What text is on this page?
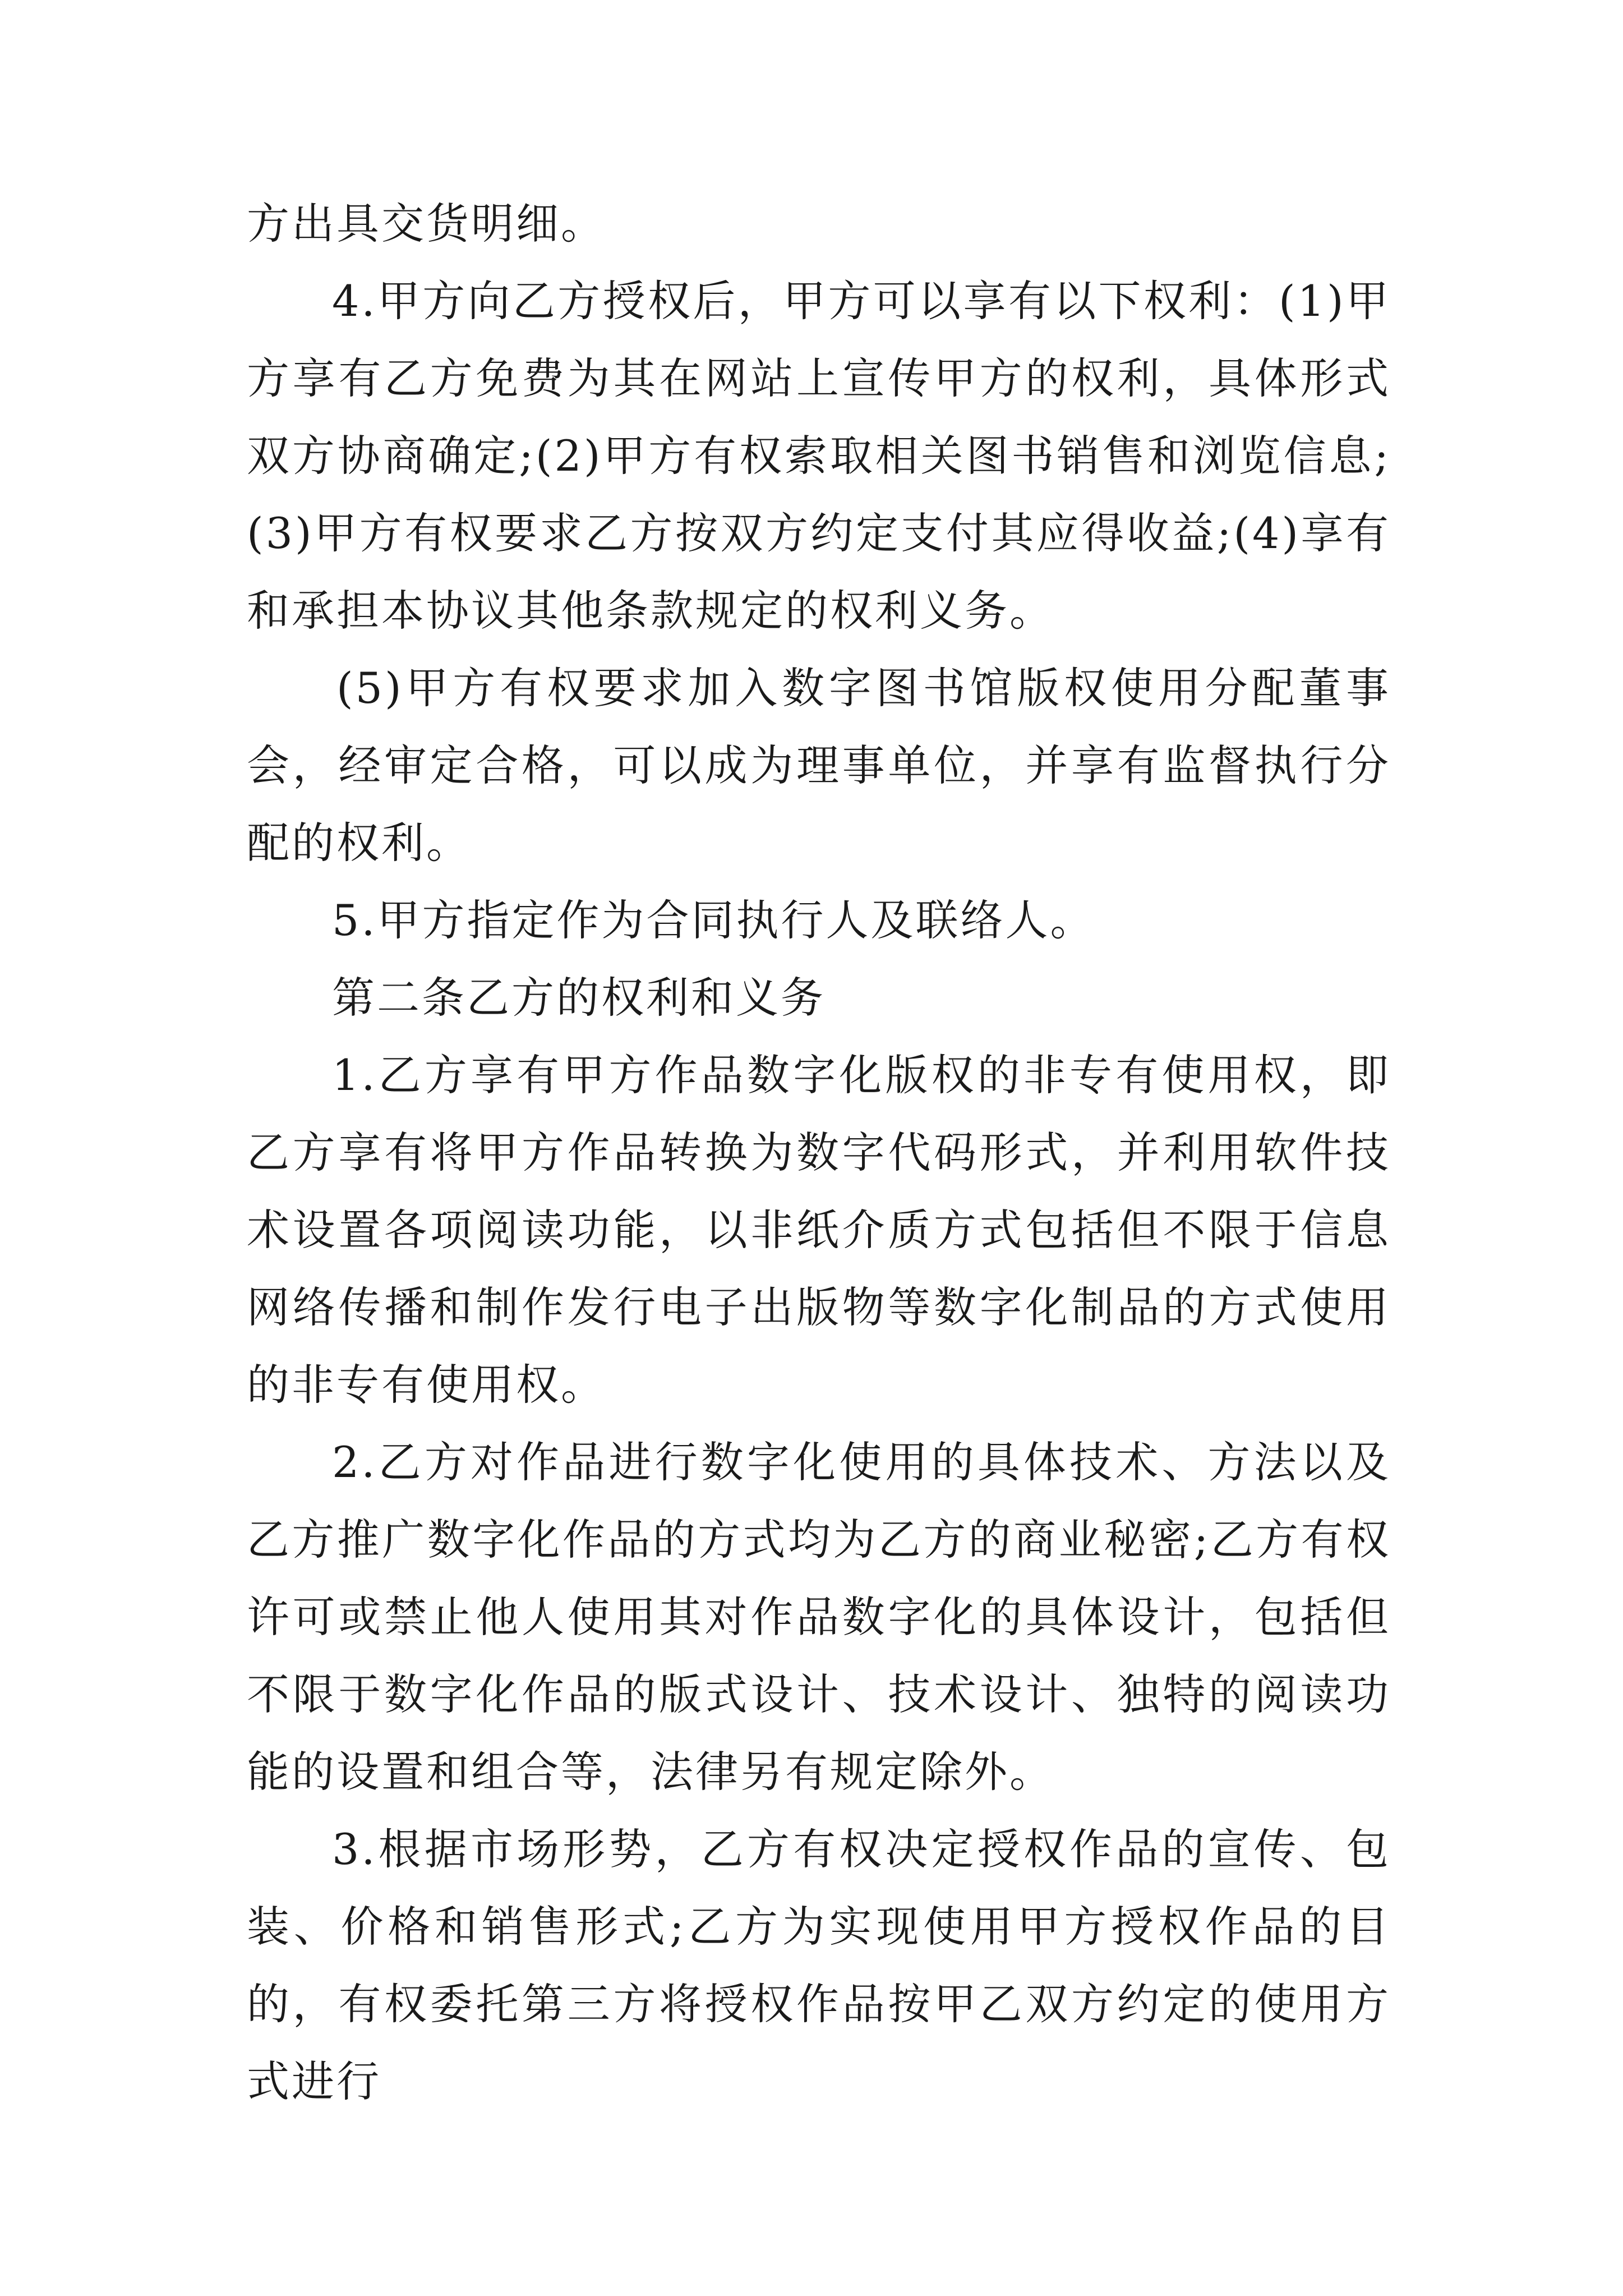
方出具交货明细。

4.甲方向乙方授权后，甲方可以享有以下权利：(1)甲方享有乙方免费为其在网站上宣传甲方的权利，具体形式双方协商确定;(2)甲方有权索取相关图书销售和浏览信息;(3)甲方有权要求乙方按双方约定支付其应得收益;(4)享有和承担本协议其他条款规定的权利义务。

(5)甲方有权要求加入数字图书馆版权使用分配董事会，经审定合格，可以成为理事单位，并享有监督执行分配的权利。

5.甲方指定作为合同执行人及联络人。

第二条乙方的权利和义务

1.乙方享有甲方作品数字化版权的非专有使用权，即乙方享有将甲方作品转换为数字代码形式，并利用软件技术设置各项阅读功能，以非纸介质方式包括但不限于信息网络传播和制作发行电子出版物等数字化制品的方式使用的非专有使用权。

2.乙方对作品进行数字化使用的具体技术、方法以及乙方推广数字化作品的方式均为乙方的商业秘密;乙方有权许可或禁止他人使用其对作品数字化的具体设计，包括但不限于数字化作品的版式设计、技术设计、独特的阅读功能的设置和组合等，法律另有规定除外。

3.根据市场形势，乙方有权决定授权作品的宣传、包装、价格和销售形式;乙方为实现使用甲方授权作品的目的，有权委托第三方将授权作品按甲乙双方约定的使用方式进行
